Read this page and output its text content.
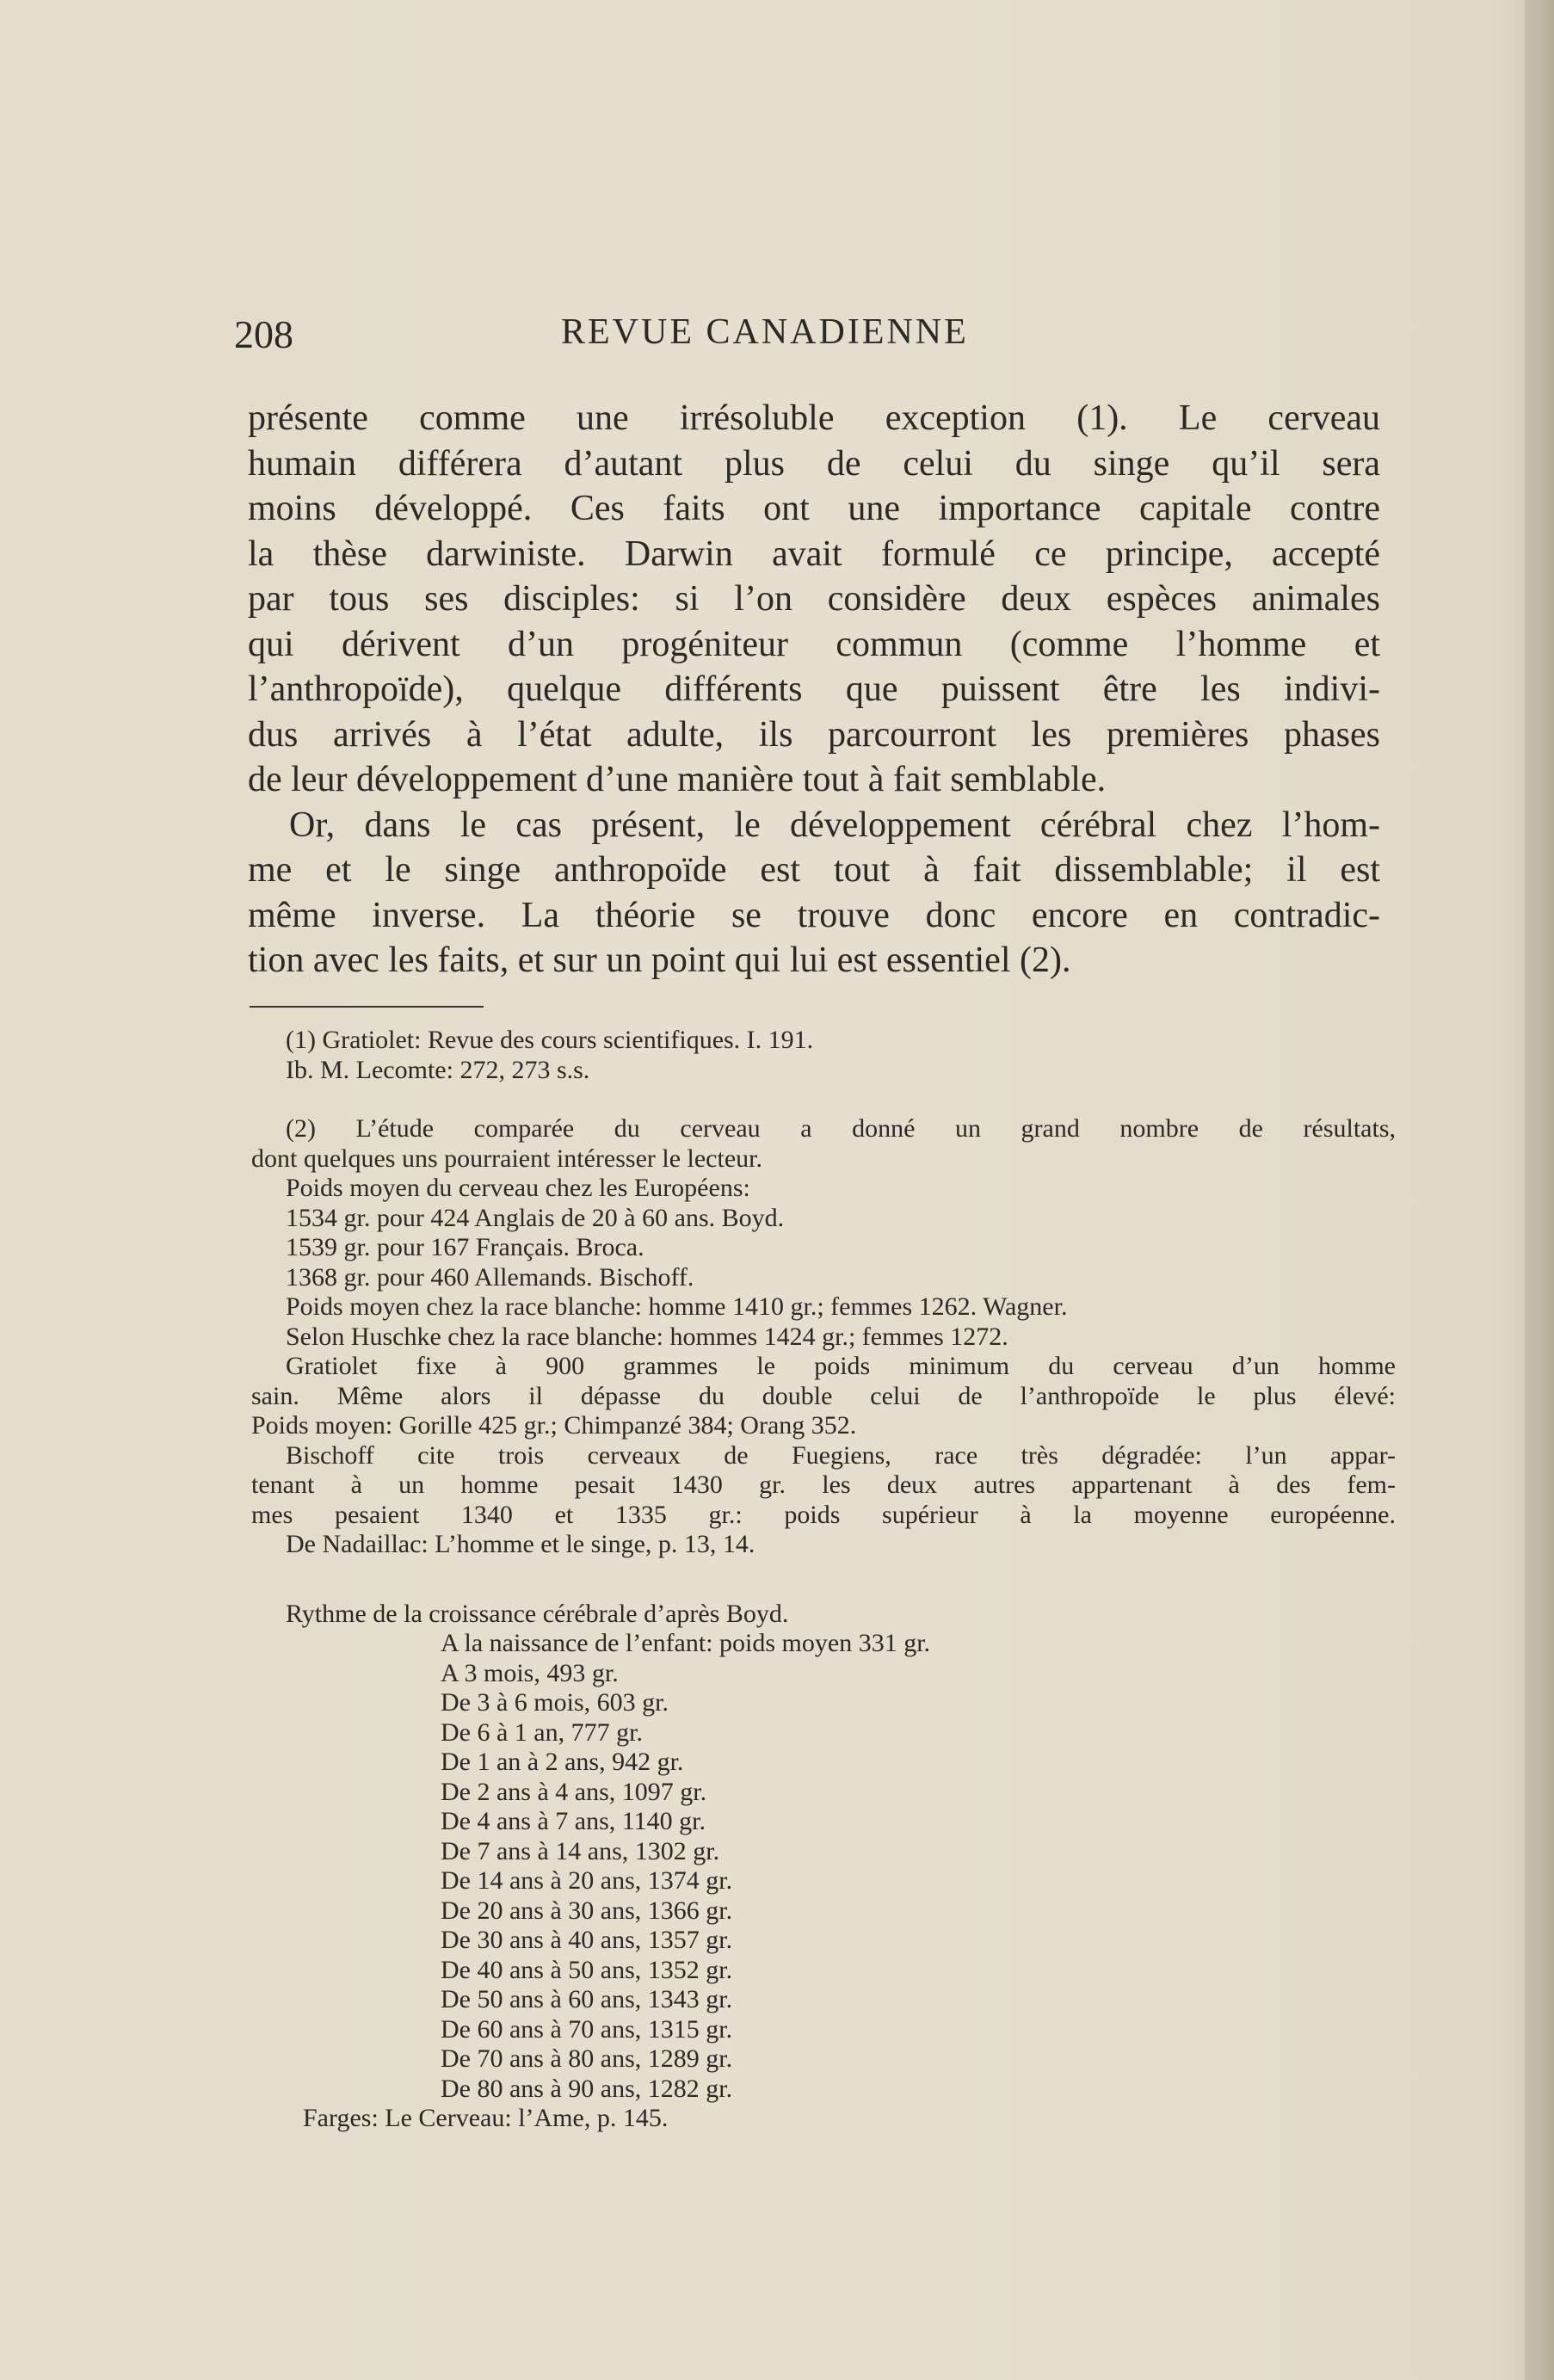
208	REVUE CANADIENNE
présente comme une irrésoluble exception (1). Le cerveau
humain différera d’autant plus de celui du singe qu’il sera
moins développé. Ces faits ont une importance capitale contre
la thèse darwiniste. Darwin avait formulé ce principe, accepté
par tous ses disciples: si l’on considère deux espèces animales
qui dérivent d’un progéniteur commun (comme l’homme et
l’anthropoïde), quelque différents que puissent être les indivi-
dus arrivés à l’état adulte, ils parcourront les premières phases
de leur développement d’une manière tout à fait semblable.
Or, dans le cas présent, le développement cérébral chez l’hom-
me et le singe anthropoïde est tout à fait dissemblable; il est
même inverse. La théorie se trouve donc encore en contradic-
tion avec les faits, et sur un point qui lui est essentiel (2).
(1) Gratiolet: Revue des cours scientifiques. I. 191.
Ib. M. Lecomte: 272, 273 s.s.
(2) L’étude comparée du cerveau a donné un grand nombre de résultats,
dont quelques uns pourraient intéresser le lecteur.
Poids moyen du cerveau chez les Européens:
1534 gr. pour 424 Anglais de 20 à 60 ans. Boyd.
1539 gr. pour 167 Français. Broca.
1368 gr. pour 460 Allemands. Bischoff.
Poids moyen chez la race blanche: homme 1410 gr.; femmes 1262. Wagner.
Selon Huschke chez la race blanche: hommes 1424 gr.; femmes 1272.
Gratiolet fixe à 900 grammes le poids minimum du cerveau d’un homme
sain. Même alors il dépasse du double celui de l’anthropoïde le plus élevé:
Poids moyen: Gorille 425 gr.; Chimpanzé 384; Orang 352.
Bischoff cite trois cerveaux de Fuegiens, race très dégradée: l’un appar-
tenant à un homme pesait 1430 gr. les deux autres appartenant à des fem-
mes pesaient 1340 et 1335 gr.: poids supérieur à la moyenne européenne.
De Nadaillac: L’homme et le singe, p. 13, 14.
Rythme de la croissance cérébrale d’après Boyd.
A la naissance de l’enfant: poids moyen 331 gr.
A 3 mois, 493 gr.
De 3 à 6 mois, 603 gr.
De 6 à 1 an, 777 gr.
De 1 an à 2 ans, 942 gr.
De 2 ans à 4 ans, 1097 gr.
De 4 ans à 7 ans, 1140 gr.
De 7 ans à 14 ans, 1302 gr.
De 14 ans à 20 ans, 1374 gr.
De 20 ans à 30 ans, 1366 gr.
De 30 ans à 40 ans, 1357 gr.
De 40 ans à 50 ans, 1352 gr.
De 50 ans à 60 ans, 1343 gr.
De 60 ans à 70 ans, 1315 gr.
De 70 ans à 80 ans, 1289 gr.
De 80 ans à 90 ans, 1282 gr.
Farges: Le Cerveau: l’Ame, p. 145.
